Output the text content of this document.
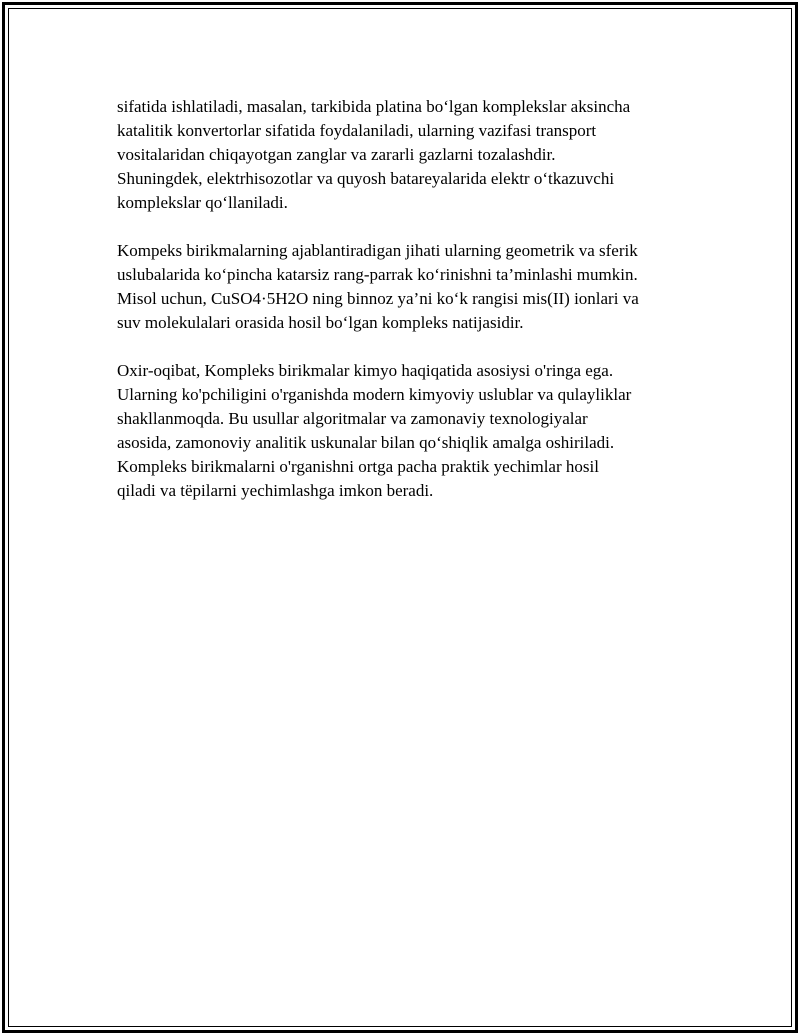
sifatida ishlatiladi, masalan, tarkibida platina bo‘lgan komplekslar aksincha
katalitik konvertorlar sifatida foydalaniladi, ularning vazifasi transport
vositalaridan chiqayotgan zanglar va zararli gazlarni tozalashdir.
Shuningdek, elektrhisozotlar va quyosh batareyalarida elektr o‘tkazuvchi
komplekslar qo‘llaniladi.

Kompeks birikmalarning ajablantiradigan jihati ularning geometrik va sferik
uslubalarida ko‘pincha katarsiz rang-parrak ko‘rinishni ta’minlashi mumkin.
Misol uchun, CuSO4·5H2O ning binnoz ya’ni ko‘k rangisi mis(II) ionlari va
suv molekulalari orasida hosil bo‘lgan kompleks natijasidir.

Oxir-oqibat, Kompleks birikmalar kimyo haqiqatida asosiysi o'ringa ega.
Ularning ko'pchiligini o'rganishda modern kimyoviy uslublar va qulayliklar
shakllanmoqda. Bu usullar algoritmalar va zamonaviy texnologiyalar
asosida, zamonoviy analitik uskunalar bilan qo‘shiqlik amalga oshiriladi.
Kompleks birikmalarni o'rganishni ortga pacha praktik yechimlar hosil
qiladi va tëpilarni yechimlashga imkon beradi.
